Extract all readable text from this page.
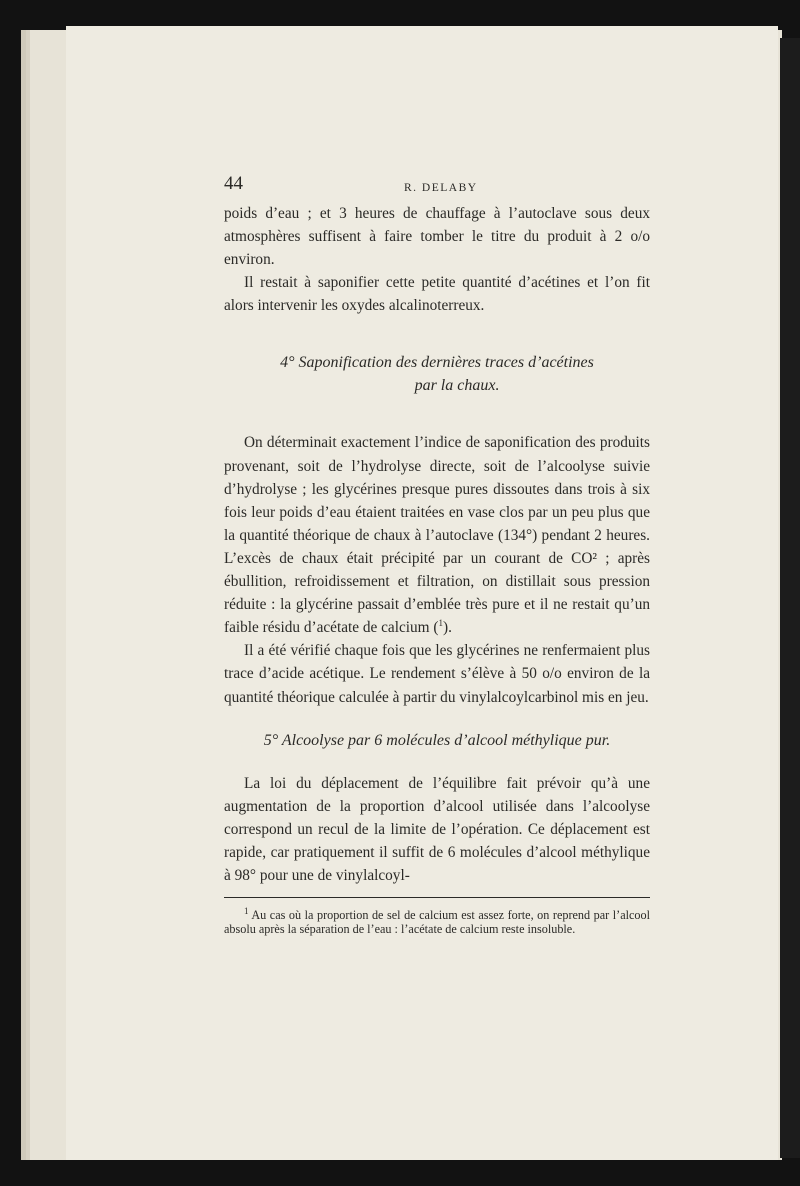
44	R. DELABY

poids d’eau ; et 3 heures de chauffage à l’autoclave sous deux atmosphères suffisent à faire tomber le titre du produit à 2 o/o environ.

Il restait à saponifier cette petite quantité d’acétines et l’on fit alors intervenir les oxydes alcalinoterreux.

4° Saponification des dernières traces d’acétines

par la chaux.

On déterminait exactement l’indice de saponification des produits provenant, soit de l’hydrolyse directe, soit de l’alcoolyse suivie d’hydrolyse ; les glycérines presque pures dissoutes dans trois à six fois leur poids d’eau étaient traitées en vase clos par un peu plus que la quantité théorique de chaux à l’autoclave (134°) pendant 2 heures. L’excès de chaux était précipité par un courant de CO² ; après ébullition, refroidissement et filtration, on distillait sous pression réduite : la glycérine passait d’emblée très pure et il ne restait qu’un faible résidu d’acétate de calcium ($^1$).

Il a été vérifié chaque fois que les glycérines ne renfermaient plus trace d’acide acétique. Le rendement s’élève à 50 o/o environ de la quantité théorique calculée à partir du vinylalcoylcarbinol mis en jeu.

5° Alcoolyse par 6 molécules d’alcool méthylique pur.

La loi du déplacement de l’équilibre fait prévoir qu’à une augmentation de la proportion d’alcool utilisée dans l’alcoolyse correspond un recul de la limite de l’opération. Ce déplacement est rapide, car pratiquement il suffit de 6 molécules d’alcool méthylique à 98° pour une de vinylalcoyl-

$^1$ Au cas où la proportion de sel de calcium est assez forte, on reprend par l’alcool absolu après la séparation de l’eau : l’acétate de calcium reste insoluble.
